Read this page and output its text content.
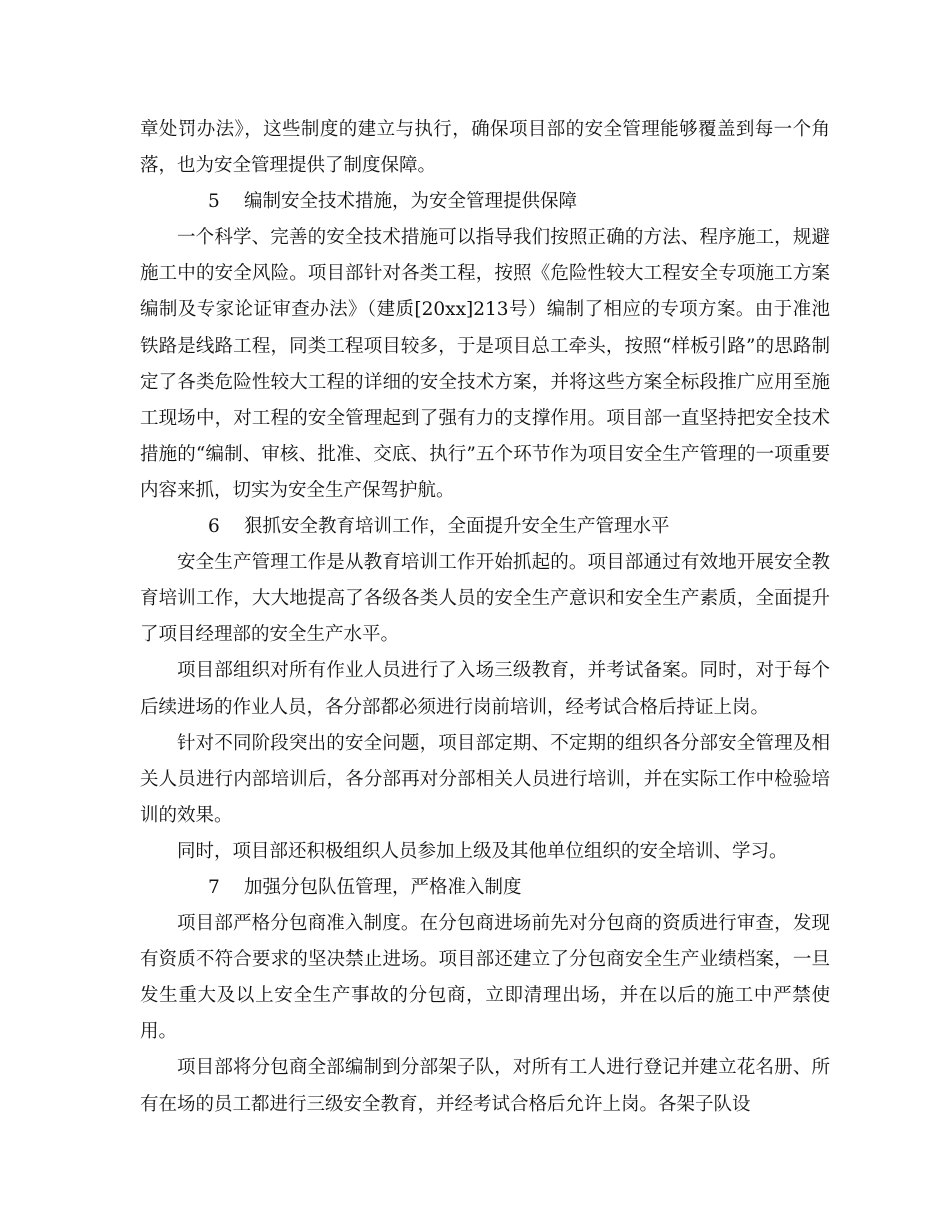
章处罚办法》，这些制度的建立与执行，确保项目部的安全管理能够覆盖到每一个角落，也为安全管理提供了制度保障。

5 编制安全技术措施，为安全管理提供保障

一个科学、完善的安全技术措施可以指导我们按照正确的方法、程序施工，规避施工中的安全风险。项目部针对各类工程，按照《危险性较大工程安全专项施工方案编制及专家论证审查办法》（建质[20xx]213号）编制了相应的专项方案。由于准池铁路是线路工程，同类工程项目较多，于是项目总工牵头，按照“样板引路”的思路制定了各类危险性较大工程的详细的安全技术方案，并将这些方案全标段推广应用至施工现场中，对工程的安全管理起到了强有力的支撑作用。项目部一直坚持把安全技术措施的“编制、审核、批准、交底、执行”五个环节作为项目安全生产管理的一项重要内容来抓，切实为安全生产保驾护航。

6 狠抓安全教育培训工作，全面提升安全生产管理水平

安全生产管理工作是从教育培训工作开始抓起的。项目部通过有效地开展安全教育培训工作，大大地提高了各级各类人员的安全生产意识和安全生产素质，全面提升了项目经理部的安全生产水平。

项目部组织对所有作业人员进行了入场三级教育，并考试备案。同时，对于每个后续进场的作业人员，各分部都必须进行岗前培训，经考试合格后持证上岗。

针对不同阶段突出的安全问题，项目部定期、不定期的组织各分部安全管理及相关人员进行内部培训后，各分部再对分部相关人员进行培训，并在实际工作中检验培训的效果。

同时，项目部还积极组织人员参加上级及其他单位组织的安全培训、学习。

7 加强分包队伍管理，严格准入制度

项目部严格分包商准入制度。在分包商进场前先对分包商的资质进行审查，发现有资质不符合要求的坚决禁止进场。项目部还建立了分包商安全生产业绩档案，一旦发生重大及以上安全生产事故的分包商，立即清理出场，并在以后的施工中严禁使用。

项目部将分包商全部编制到分部架子队，对所有工人进行登记并建立花名册、所有在场的员工都进行三级安全教育，并经考试合格后允许上岗。各架子队设
